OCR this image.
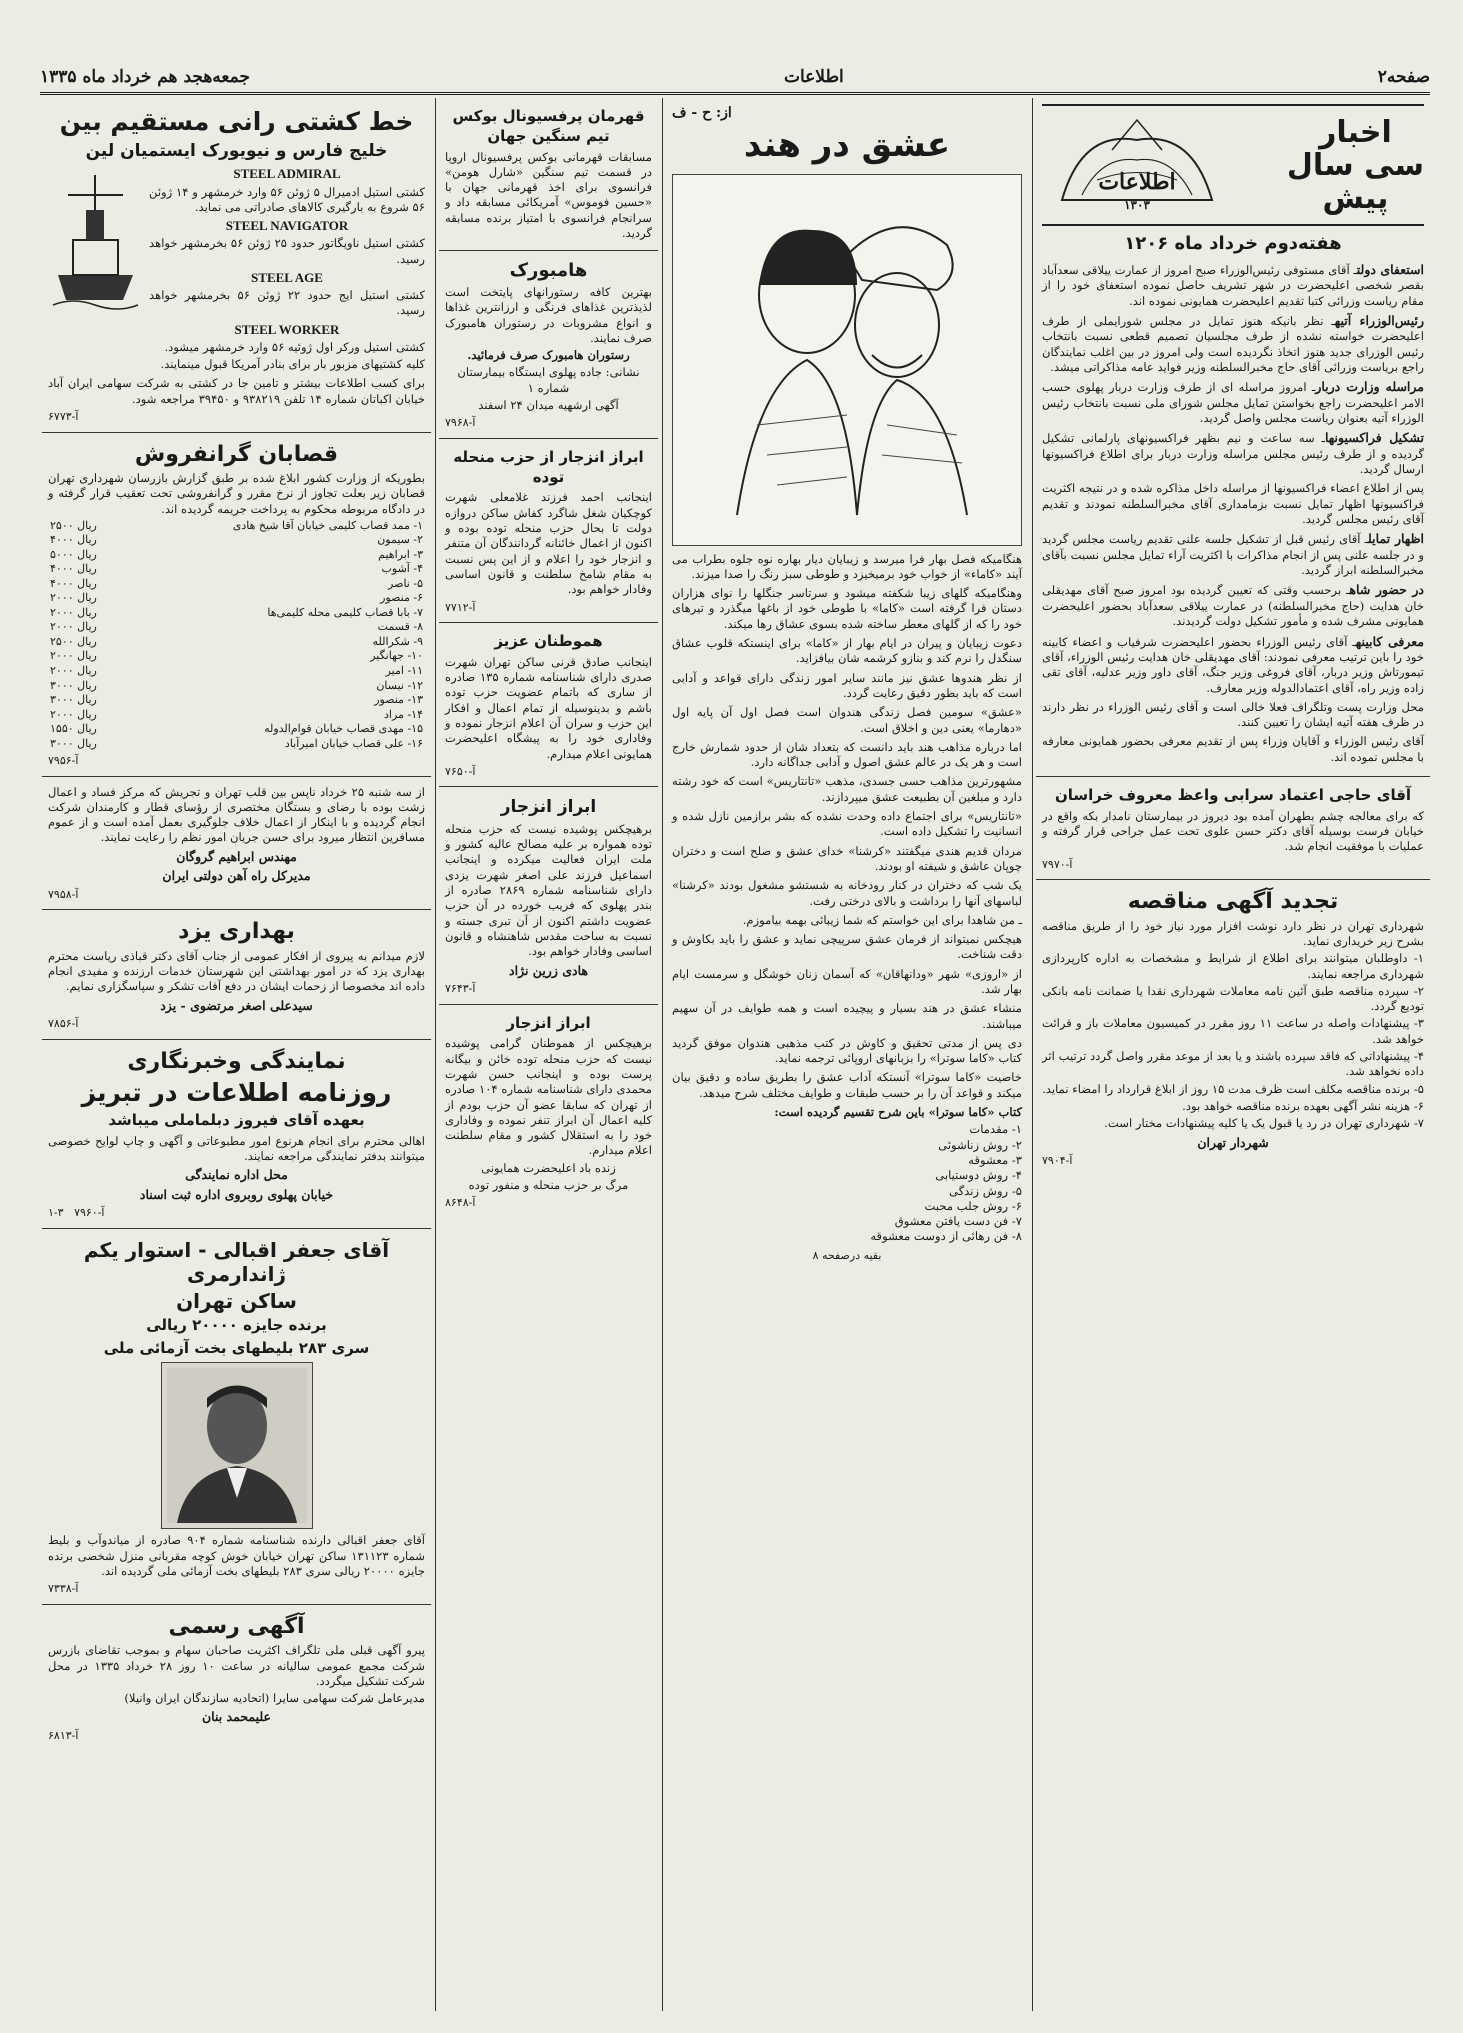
صفحه۲
اطلاعات
جمعه‌هجد هم خرداد ماه ۱۳۳۵
اخبار
سی سال
پیش
اطلاعات
۱۳۰۳
هفته‌دوم خرداد ماه ۱۲۰۶

استعفای دولتـ آقای مستوفی رئیس‌الوزراء صبح امروز از عمارت ییلاقی سعدآباد بقصر شخصی اعلیحضرت در شهر تشریف حاصل نموده استعفای خود را از مقام ریاست وزرائی کتبا تقدیم اعلیحضرت همایونی نموده اند.

رئیس‌الوزراء آتیهـ نظر بانیکه هنوز تمایل در مجلس شورایملی از طرف اعلیحضرت خواسته نشده از طرف مجلسیان تصمیم قطعی نسبت بانتخاب رئیس الوزرای جدید هنوز اتخاذ نگردیده است ولی امروز در بین اغلب نمایندگان راجع بریاست وزرائی آقای حاج مخبرالسلطنه وزیر فواید عامه مذاکراتی میشد.

مراسله وزارت دربارـ امروز مراسله ای از طرف وزارت دربار پهلوی حسب الامر اعلیحضرت راجع بخواستن تمایل مجلس شورای ملی نسبت بانتخاب رئیس الوزراء آتیه بعنوان ریاست مجلس واصل گردید.

تشکیل فراکسیونهاـ سه ساعت و نیم بظهر فراکسیونهای پارلمانی تشکیل گردیده و از طرف رئیس مجلس مراسله وزارت دربار برای اطلاع فراکسیونها ارسال گردید.

پس از اطلاع اعضاء فراکسیونها از مراسله داخل مذاکره شده و در نتیجه اکثریت فراکسیونها اظهار تمایل نسبت بزمامداری آقای مخبرالسلطنه نمودند و تقدیم آقای رئیس مجلس گردید.

اظهار تمایلـ آقای رئیس قبل از تشکیل جلسه علنی تقدیم ریاست مجلس گردید و در جلسه علنی پس از انجام مذاکرات با اکثریت آراء تمایل مجلس نسبت بآقای مخبرالسلطنه ابراز گردید.

در حضور شاهـ برحسب وقتی که تعیین گردیده بود امروز صبح آقای مهدیقلی خان هدایت (حاج مخبرالسلطنه) در عمارت ییلاقی سعدآباد بحضور اعلیحضرت همایونی مشرف شده و مأمور تشکیل دولت گردیدند.

معرفی کابینهـ آقای رئیس الوزراء بحضور اعلیحضرت شرفیاب و اعضاء کابینه خود را باین ترتیب معرفی نمودند: آقای مهدیقلی خان هدایت رئیس الوزراء، آقای تیمورتاش وزیر دربار، آقای فروغی وزیر جنگ، آقای داور وزیر عدلیه، آقای تقی زاده وزیر راه، آقای اعتمادالدوله وزیر معارف.

محل وزارت پست وتلگراف فعلا خالی است و آقای رئیس الوزراء در نظر دارند در ظرف هفته آتیه ایشان را تعیین کنند.

آقای رئیس الوزراء و آقایان وزراء پس از تقدیم معرفی بحضور همایونی معارفه با مجلس نموده اند.

آقای حاجی اعتماد سرابی واعظ معروف خراسان

که برای معالجه چشم بطهران آمده بود دیروز در بیمارستان نامدار بکه واقع در خیابان فرست بوسیله آقای دکتر حسن علوی تحت عمل جراحی قرار گرفته و عملیات با موفقیت انجام شد.

آ-۷۹۷۰
تجدید آگهی مناقصه

شهرداری تهران در نظر دارد نوشت افزار مورد نیاز خود را از طریق مناقصه بشرح زیر خریداری نماید.

۱- داوطلبان میتوانند برای اطلاع از شرایط و مشخصات به اداره کارپردازی شهرداری مراجعه نمایند.

۲- سپرده مناقصه طبق آئین نامه معاملات شهرداری نقدا یا ضمانت نامه بانکی تودیع گردد.

۳- پیشنهادات واصله در ساعت ۱۱ روز مقرر در کمیسیون معاملات باز و قرائت خواهد شد.

۴- پیشنهاداتی که فاقد سپرده باشند و یا بعد از موعد مقرر واصل گردد ترتیب اثر داده نخواهد شد.

۵- برنده مناقصه مکلف است ظرف مدت ۱۵ روز از ابلاغ قرارداد را امضاء نماید.

۶- هزینه نشر آگهی بعهده برنده مناقصه خواهد بود.

۷- شهرداری تهران در رد یا قبول یک یا کلیه پیشنهادات مختار است.

شهردار تهران
آ-۷۹۰۴
از: ح - ف
عشق در هند

هنگامیکه فصل بهار فرا میرسد و زیبایان دیار بهاره نوه جلوه بطراب می آیند «کاماء» از خواب خود برمیخیزد و طوطی سبز رنگ را صدا میزند.

وهنگامیکه گلهای زیبا شکفته میشود و سرتاسر جنگلها را نوای هزاران دستان فرا گرفته است «کاما» با طوطی خود از باغها میگذرد و تیرهای خود را که از گلهای معطر ساخته شده بسوی عشاق رها میکند.

دعوت زیبایان و پیران در ایام بهار از «کاما» برای اینستکه قلوب عشاق سنگدل را نرم کند و بنازو کرشمه شان بیافزاید.

از نظر هندوها عشق نیز مانند سایر امور زندگی دارای قواعد و آدابی است که باید بطور دقیق رعایت گردد.

«عشق» سومین فصل زندگی هندوان است فصل اول آن پایه اول «دهارما» یعنی دین و اخلاق است.

اما درباره مذاهب هند باید دانست که بتعداد شان از حدود شمارش خارج است و هر یک در عالم عشق اصول و آدابی جداگانه دارد.

مشهورترین مذاهب حسی جسدی، مذهب «تانتاریس» است که خود رشته دارد و مبلغین آن بطبیعت عشق میپردازند.

«تانتاریس» برای اجتماع داده وحدت نشده که بشر برازمین نازل شده و انسانیت را تشکیل داده است.

مردان قدیم هندی میگفتند «کرشنا» خدای عشق و صلح است و دختران چوپان عاشق و شیفته او بودند.

یک شب که دختران در کنار رودخانه به شستشو مشغول بودند «کرشنا» لباسهای آنها را برداشت و بالای درختی رفت.

ـ من شاهدا برای این خواستم که شما زیبائی بهمه بیاموزم.

هیچکس نمیتواند از فرمان عشق سرپیچی نماید و عشق را باید بکاوش و دقت شناخت.

از «اروزی» شهر «ودانهاقان» که آسمان زنان خوشگل و سرمست ایام بهار شد.

منشاء عشق در هند بسیار و پیچیده است و همه طوایف در آن سهیم میباشند.

دی پس از مدتی تحقیق و کاوش در کتب مذهبی هندوان موفق گردید کتاب «کاما سوترا» را بزبانهای اروپائی ترجمه نماید.

خاصیت «کاما سوترا» آنستکه آداب عشق را بطریق ساده و دقیق بیان میکند و قواعد آن را بر حسب طبقات و طوایف مختلف شرح میدهد.

کتاب «کاما سوترا» باین شرح تقسیم گردیده است:

۱- مقدمات
۲- روش زناشوئی
۳- معشوقه
۴- روش دوستیابی
۵- روش زندگی
۶- روش جلب محبت
۷- فن دست یافتن معشوق
۸- فن رهائی از دوست معشوقه
بقیه درصفحه ۸
قهرمان پرفسیونال بوکس تیم سنگین جهان

مسابقات قهرمانی بوکس پرفسیونال اروپا در قسمت تیم سنگین «شارل هومن» فرانسوی برای اخذ قهرمانی جهان با «حسین فوموس» آمریکائی مسابقه داد و سرانجام فرانسوی با امتیاز برنده مسابقه گردید.

هامبورک

بهترین کافه رستورانهای پایتخت است لذیذترین غذاهای فرنگی و ارزانترین غذاها و انواع مشروبات در رستوران هامبورک صرف نمایند.

رستوران هامبورک صرف فرمائید.

نشانی: جاده پهلوی ایستگاه بیمارستان شماره ۱

آگهی ارشهیه میدان ۲۴ اسفند

آ-۷۹۶۸
ابراز انزجار از حزب منحله توده

اینجانب احمد فرزند غلامعلی شهرت کوچکیان شغل شاگرد کفاش ساکن دروازه دولت تا بحال حزب منحله توده بوده و اکنون از اعمال خائنانه گردانندگان آن متنفر و انزجار خود را اعلام و از این پس نسبت به مقام شامخ سلطنت و قانون اساسی وفادار خواهم بود.

آ-۷۷۱۲
هموطنان عزیز

اینجانب صادق قرنی ساکن تهران شهرت صدری دارای شناسنامه شماره ۱۳۵ صادره از ساری که باتمام عضویت حزب توده باشم و بدینوسیله از تمام اعمال و افکار این حزب و سران آن اعلام انزجار نموده و وفاداری خود را به پیشگاه اعلیحضرت همایونی اعلام میدارم.

آ-۷۶۵۰
ابراز انزجار

برهیچکس پوشیده نیست که حزب منحله توده همواره بر علیه مصالح عالیه کشور و ملت ایران فعالیت میکرده و اینجانب اسماعیل فرزند علی اصغر شهرت یزدی دارای شناسنامه شماره ۲۸۶۹ صادره از بندر پهلوی که فریب خورده در آن حزب عضویت داشتم اکنون از آن تبری جسته و نسبت به ساحت مقدس شاهنشاه و قانون اساسی وفادار خواهم بود.

هادی زرین نژاد
آ-۷۶۴۳
ابراز انزجار

برهیچکس از هموطنان گرامی پوشیده نیست که حزب منحله توده خائن و بیگانه پرست بوده و اینجانب حسن شهرت محمدی دارای شناسنامه شماره ۱۰۴ صادره از تهران که سابقا عضو آن حزب بودم از کلیه اعمال آن ابراز تنفر نموده و وفاداری خود را به استقلال کشور و مقام سلطنت اعلام میدارم.

زنده باد اعلیحضرت همایونی

مرگ بر حزب منحله و منفور توده

آ-۸۶۴۸
خط کشتی رانی مستقیم بین
خلیج فارس و نیویورک ایستمیان لین
STEEL ADMIRAL

کشتی استیل ادمیرال ۵ ژوئن ۵۶ وارد خرمشهر و ۱۴ ژوئن ۵۶ شروع به بارگیری کالاهای صادراتی می نماید.

STEEL NAVIGATOR

کشتی استیل ناویگاتور حدود ۲۵ ژوئن ۵۶ بخرمشهر خواهد رسید.

STEEL AGE

کشتی استیل ایج حدود ۲۲ ژوئن ۵۶ بخرمشهر خواهد رسید.

STEEL WORKER

کشتی استیل ورکر اول ژوئیه ۵۶ وارد خرمشهر میشود.

کلیه کشتیهای مزبور بار برای بنادر آمریکا قبول مینمایند.

برای کسب اطلاعات بیشتر و تامین جا در کشتی به شرکت سهامی ایران آباد خیابان اکباتان شماره ۱۴ تلفن ۹۳۸۲۱۹ و ۳۹۴۵۰ مراجعه شود.

آ-۶۷۷۳
قصابان گرانفروش

بطوریکه از وزارت کشور ابلاغ شده بر طبق گزارش بازرسان شهرداری تهران قصابان زیر بعلت تجاوز از نرخ مقرر و گرانفروشی تحت تعقیب قرار گرفته و در دادگاه مربوطه محکوم به پرداخت جریمه گردیده اند.

۱- ممد قصاب کلیمی خیابان آقا شیخ هادی	۲۵۰۰ ریال
۲- سیمون	۴۰۰۰ ریال
۳- ابراهیم	۵۰۰۰ ریال
۴- آشوب	۴۰۰۰ ریال
۵- ناصر	۴۰۰۰ ریال
۶- منصور	۲۰۰۰ ریال
۷- بابا قصاب کلیمی محله کلیمی‌ها	۲۰۰۰ ریال
۸- قسمت	۲۰۰۰ ریال
۹- شکرالله	۲۵۰۰ ریال
۱۰- جهانگیر	۲۰۰۰ ریال
۱۱- امیر	۲۰۰۰ ریال
۱۲- نیسان	۳۰۰۰ ریال
۱۳- منصور	۳۰۰۰ ریال
۱۴- مراد	۲۰۰۰ ریال
۱۵- مهدی قصاب خیابان قوام‌الدوله	۱۵۵۰ ریال
۱۶- علی قصاب خیابان امیرآباد	۳۰۰۰ ریال
آ-۷۹۵۶

از سه شنبه ۲۵ خرداد ناپس بین قلب تهران و تجریش که مرکز فساد و اعمال زشت بوده با رضای و بستگان مختصری از رؤسای قطار و کارمندان شرکت انجام گردیده و با اینکار از اعمال خلاف جلوگیری بعمل آمده است و از عموم مسافرین انتظار میرود برای حسن جریان امور نظم را رعایت نمایند.

مهندس ابراهیم گروگان
مدیرکل راه آهن دولتی ایران
آ-۷۹۵۸
بهداری یزد

لازم میدانم به پیروی از افکار عمومی از جناب آقای دکتر قباذی ریاست محترم بهداری یزد که در امور بهداشتی این شهرستان خدمات ارزنده و مفیدی انجام داده اند مخصوصا از زحمات ایشان در دفع آفات تشکر و سپاسگزاری نمایم.

سیدعلی اصغر مرتضوی - یزد
آ-۷۸۵۶
نمایندگی وخبرنگاری
روزنامه اطلاعات در تبریز
بعهده آقای فیروز دبلماملی میباشد

اهالی محترم برای انجام هرنوع امور مطبوعاتی و آگهی و چاپ لوایح خصوصی میتوانند بدفتر نمایندگی مراجعه نمایند.

محل اداره نمایندگی
خیابان پهلوی روبروی اداره ثبت اسناد
آ-۷۹۶۰   ۳-۱
آقای جعفر اقبالی - استوار یکم ژاندارمری
ساکن تهران
برنده جایزه ۲۰۰۰۰ ریالی
سری ۲۸۳ بلیطهای بخت آزمائی ملی

آقای جعفر اقبالی دارنده شناسنامه شماره ۹۰۴ صادره از میاندوآب و بلیط شماره ۱۳۱۱۲۳ ساکن تهران خیابان خوش کوچه مقربانی منزل شخصی برنده جایزه ۲۰۰۰۰ ریالی سری ۲۸۳ بلیطهای بخت آزمائی ملی گردیده اند.

آ-۷۳۳۸
آگهی رسمی

پیرو آگهی قبلی ملی تلگراف اکثریت صاحبان سهام و بموجب تقاضای بازرس شرکت مجمع عمومی سالیانه در ساعت ۱۰ روز ۲۸ خرداد ۱۳۳۵ در محل شرکت تشکیل میگردد.

مدیرعامل شرکت سهامی سایرا (اتحادیه سازندگان ایران وانیلا)

علیمحمد بنان
آ-۶۸۱۳
